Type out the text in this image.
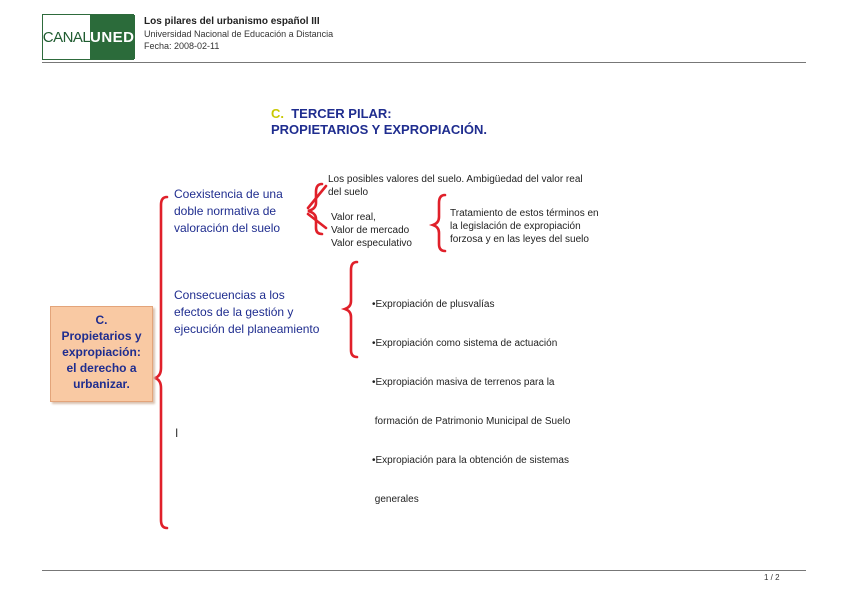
CANAL UNED
Los pilares del urbanismo español III
Universidad Nacional de Educación a Distancia
Fecha: 2008-02-11
C. TERCER PILAR:
PROPIETARIOS Y EXPROPIACIÓN.
C.
Propietarios y
expropiación:
el derecho a
urbanizar.
Coexistencia de una
doble normativa de
valoración del suelo
Los posibles valores del suelo. Ambigüedad del valor real
del suelo
Valor real,
Valor de mercado
Valor especulativo
Tratamiento de estos términos en
la legislación de expropiación
forzosa y en las leyes del suelo
Consecuencias a los
efectos de la gestión y
ejecución del planeamiento

•Expropiación de plusvalías

•Expropiación como sistema de actuación

•Expropiación masiva de terrenos para la

formación de Patrimonio Municipal de Suelo

•Expropiación para la obtención de sistemas

generales

I
1 / 2
